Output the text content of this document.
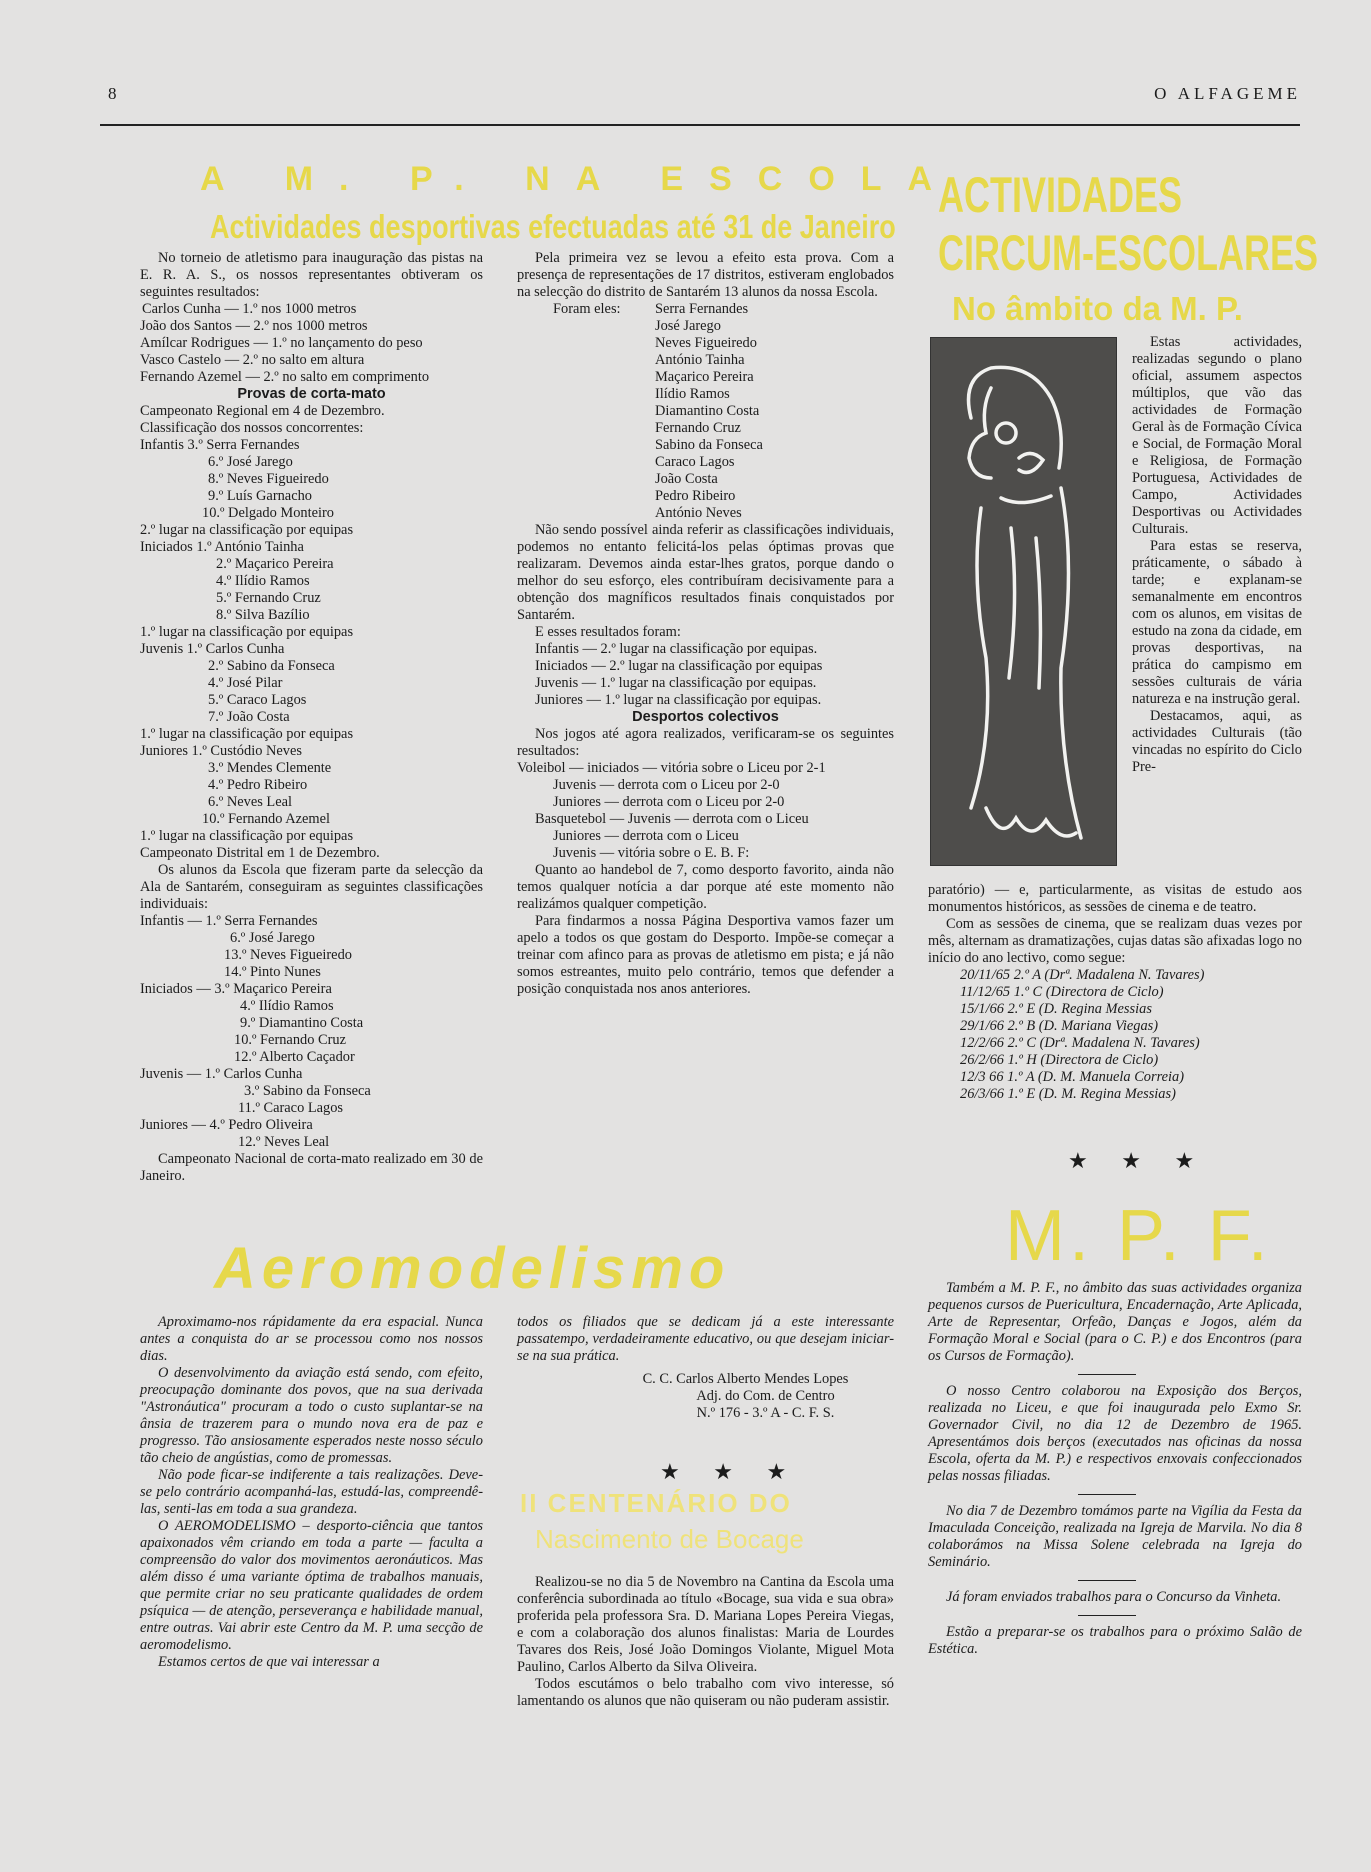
8	O ALFAGEME
A M. P. NA ESCOLA
Actividades desportivas efectuadas até 31 de Janeiro

No torneio de atletismo para inauguração das pistas na E. R. A. S., os nossos representantes obtiveram os seguintes resultados:

Carlos Cunha — 1.º nos 1000 metros

João dos Santos — 2.º nos 1000 metros

Amílcar Rodrigues — 1.º no lançamento do peso

Vasco Castelo — 2.º no salto em altura

Fernando Azemel — 2.º no salto em comprimento

Provas de corta-mato

Campeonato Regional em 4 de Dezembro.

Classificação dos nossos concorrentes:

Infantis 3.º Serra Fernandes

6.º José Jarego

8.º Neves Figueiredo

9.º Luís Garnacho

10.º Delgado Monteiro

2.º lugar na classificação por equipas

Iniciados 1.º António Tainha

2.º Maçarico Pereira

4.º Ilídio Ramos

5.º Fernando Cruz

8.º Silva Bazílio

1.º lugar na classificação por equipas

Juvenis 1.º Carlos Cunha

2.º Sabino da Fonseca

4.º José Pilar

5.º Caraco Lagos

7.º João Costa

1.º lugar na classificação por equipas

Juniores 1.º Custódio Neves

3.º Mendes Clemente

4.º Pedro Ribeiro

6.º Neves Leal

10.º Fernando Azemel

1.º lugar na classificação por equipas

Campeonato Distrital em 1 de Dezembro.

Os alunos da Escola que fizeram parte da selecção da Ala de Santarém, conseguiram as seguintes classificações individuais:

Infantis — 1.º Serra Fernandes

6.º José Jarego

13.º Neves Figueiredo

14.º Pinto Nunes

Iniciados — 3.º Maçarico Pereira

4.º Ilídio Ramos

9.º Diamantino Costa

10.º Fernando Cruz

12.º Alberto Caçador

Juvenis — 1.º Carlos Cunha

3.º Sabino da Fonseca

11.º Caraco Lagos

Juniores — 4.º Pedro Oliveira

12.º Neves Leal

Campeonato Nacional de corta-mato realizado em 30 de Janeiro.

Pela primeira vez se levou a efeito esta prova. Com a presença de representações de 17 distritos, estiveram englobados na selecção do distrito de Santarém 13 alunos da nossa Escola.

Foram eles:	Serra Fernandes

José Jarego

Neves Figueiredo

António Tainha

Maçarico Pereira

Ilídio Ramos

Diamantino Costa

Fernando Cruz

Sabino da Fonseca

Caraco Lagos

João Costa

Pedro Ribeiro

António Neves

Não sendo possível ainda referir as classificações individuais, podemos no entanto felicitá-los pelas óptimas provas que realizaram. Devemos ainda estar-lhes gratos, porque dando o melhor do seu esforço, eles contribuíram decisivamente para a obtenção dos magníficos resultados finais conquistados por Santarém.

E esses resultados foram:

Infantis — 2.º lugar na classificação por equipas.

Iniciados — 2.º lugar na classificação por equipas

Juvenis — 1.º lugar na classificação por equipas.

Juniores — 1.º lugar na classificação por equipas.

Desportos colectivos

Nos jogos até agora realizados, verificaram-se os seguintes resultados:

Voleibol — iniciados — vitória sobre o Liceu por 2-1

Juvenis — derrota com o Liceu por 2-0

Juniores — derrota com o Liceu por 2-0

Basquetebol — Juvenis — derrota com o Liceu

Juniores — derrota com o Liceu

Juvenis — vitória sobre o E. B. F:

Quanto ao handebol de 7, como desporto favorito, ainda não temos qualquer notícia a dar porque até este momento não realizámos qualquer competição.

Para findarmos a nossa Página Desportiva vamos fazer um apelo a todos os que gostam do Desporto. Impõe-se começar a treinar com afinco para as provas de atletismo em pista; e já não somos estreantes, muito pelo contrário, temos que defender a posição conquistada nos anos anteriores.

ACTIVIDADES
CIRCUM-ESCOLARES
No âmbito da M. P.

Estas actividades, realizadas segundo o plano oficial, assumem aspectos múltiplos, que vão das actividades de Formação Geral às de Formação Cívica e Social, de Formação Moral e Religiosa, de Formação Portuguesa, Actividades de Campo, Actividades Desportivas ou Actividades Culturais.

Para estas se reserva, práticamente, o sábado à tarde; e explanam-se semanalmente em encontros com os alunos, em visitas de estudo na zona da cidade, em provas desportivas, na prática do campismo em sessões culturais de vária natureza e na instrução geral.

Destacamos, aqui, as actividades Culturais (tão vincadas no espírito do Ciclo Pre-

paratório) — e, particularmente, as visitas de estudo aos monumentos históricos, as sessões de cinema e de teatro.

Com as sessões de cinema, que se realizam duas vezes por mês, alternam as dramatizações, cujas datas são afixadas logo no início do ano lectivo, como segue:

20/11/65 2.º A (Drª. Madalena N. Tavares)

11/12/65 1.º C (Directora de Ciclo)

15/1/66 2.º E (D. Regina Messias

29/1/66 2.º B (D. Mariana Viegas)

12/2/66 2.º C (Drª. Madalena N. Tavares)

26/2/66 1.º H (Directora de Ciclo)

12/3 66 1.º A (D. M. Manuela Correia)

26/3/66 1.º E (D. M. Regina Messias)

★ ★ ★
M. P. F.

Também a M. P. F., no âmbito das suas actividades organiza pequenos cursos de Puericultura, Encadernação, Arte Aplicada, Arte de Representar, Orfeão, Danças e Jogos, além da Formação Moral e Social (para o C. P.) e dos Encontros (para os Cursos de Formação).

O nosso Centro colaborou na Exposição dos Berços, realizada no Liceu, e que foi inaugurada pelo Exmo Sr. Governador Civil, no dia 12 de Dezembro de 1965. Apresentámos dois berços (executados nas oficinas da nossa Escola, oferta da M. P.) e respectivos enxovais confeccionados pelas nossas filiadas.

No dia 7 de Dezembro tomámos parte na Vigília da Festa da Imaculada Conceição, realizada na Igreja de Marvila. No dia 8 colaborámos na Missa Solene celebrada na Igreja do Seminário.

Já foram enviados trabalhos para o Concurso da Vinheta.

Estão a preparar-se os trabalhos para o próximo Salão de Estética.

Aeromodelismo

Aproximamo-nos rápidamente da era espacial. Nunca antes a conquista do ar se processou como nos nossos dias.

O desenvolvimento da aviação está sendo, com efeito, preocupação dominante dos povos, que na sua derivada "Astronáutica" procuram a todo o custo suplantar-se na ânsia de trazerem para o mundo nova era de paz e progresso. Tão ansiosamente esperados neste nosso século tão cheio de angústias, como de promessas.

Não pode ficar-se indiferente a tais realizações. Deve-se pelo contrário acompanhá-las, estudá-las, compreendê-las, senti-las em toda a sua grandeza.

O AEROMODELISMO – desporto-ciência que tantos apaixonados vêm criando em toda a parte — faculta a compreensão do valor dos movimentos aeronáuticos. Mas além disso é uma variante óptima de trabalhos manuais, que permite criar no seu praticante qualidades de ordem psíquica — de atenção, perseverança e habilidade manual, entre outras. Vai abrir este Centro da M. P. uma secção de aeromodelismo.

Estamos certos de que vai interessar a

todos os filiados que se dedicam já a este interessante passatempo, verdadeiramente educativo, ou que desejam iniciar-se na sua prática.

C. C. Carlos Alberto Mendes Lopes

Adj. do Com. de Centro

N.º 176 - 3.º A - C. F. S.

★ ★ ★
II CENTENÁRIO DO
Nascimento de Bocage

Realizou-se no dia 5 de Novembro na Cantina da Escola uma conferência subordinada ao título «Bocage, sua vida e sua obra» proferida pela professora Sra. D. Mariana Lopes Pereira Viegas, e com a colaboração dos alunos finalistas: Maria de Lourdes Tavares dos Reis, José João Domingos Violante, Miguel Mota Paulino, Carlos Alberto da Silva Oliveira.

Todos escutámos o belo trabalho com vivo interesse, só lamentando os alunos que não quiseram ou não puderam assistir.
